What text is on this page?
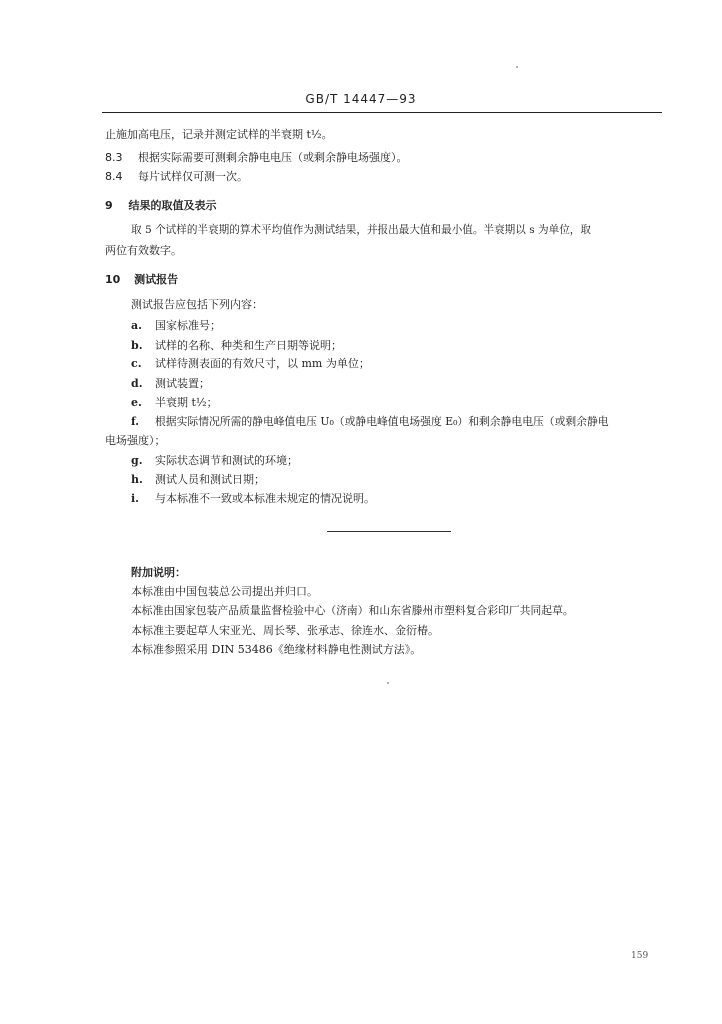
GB/T 14447—93
止施加高电压，记录并测定试样的半衰期 t½。
8.3 根据实际需要可测剩余静电电压（或剩余静电场强度）。
8.4 每片试样仅可测一次。
9 结果的取值及表示
取 5 个试样的半衰期的算术平均值作为测试结果，并报出最大值和最小值。半衰期以 s 为单位，取
两位有效数字。
10 测试报告
测试报告应包括下列内容：
a. 国家标准号；
b. 试样的名称、种类和生产日期等说明；
c. 试样待测表面的有效尺寸，以 mm 为单位；
d. 测试装置；
e. 半衰期 t½；
f. 根据实际情况所需的静电峰值电压 U₀（或静电峰值电场强度 E₀）和剩余静电电压（或剩余静电
电场强度）；
g. 实际状态调节和测试的环境；
h. 测试人员和测试日期；
i. 与本标准不一致或本标准未规定的情况说明。
附加说明：
本标准由中国包装总公司提出并归口。
本标准由国家包装产品质量监督检验中心（济南）和山东省滕州市塑料复合彩印厂共同起草。
本标准主要起草人宋亚光、周长琴、张承志、徐连水、金衍椿。
本标准参照采用 DIN 53486《绝缘材料静电性测试方法》。
159
